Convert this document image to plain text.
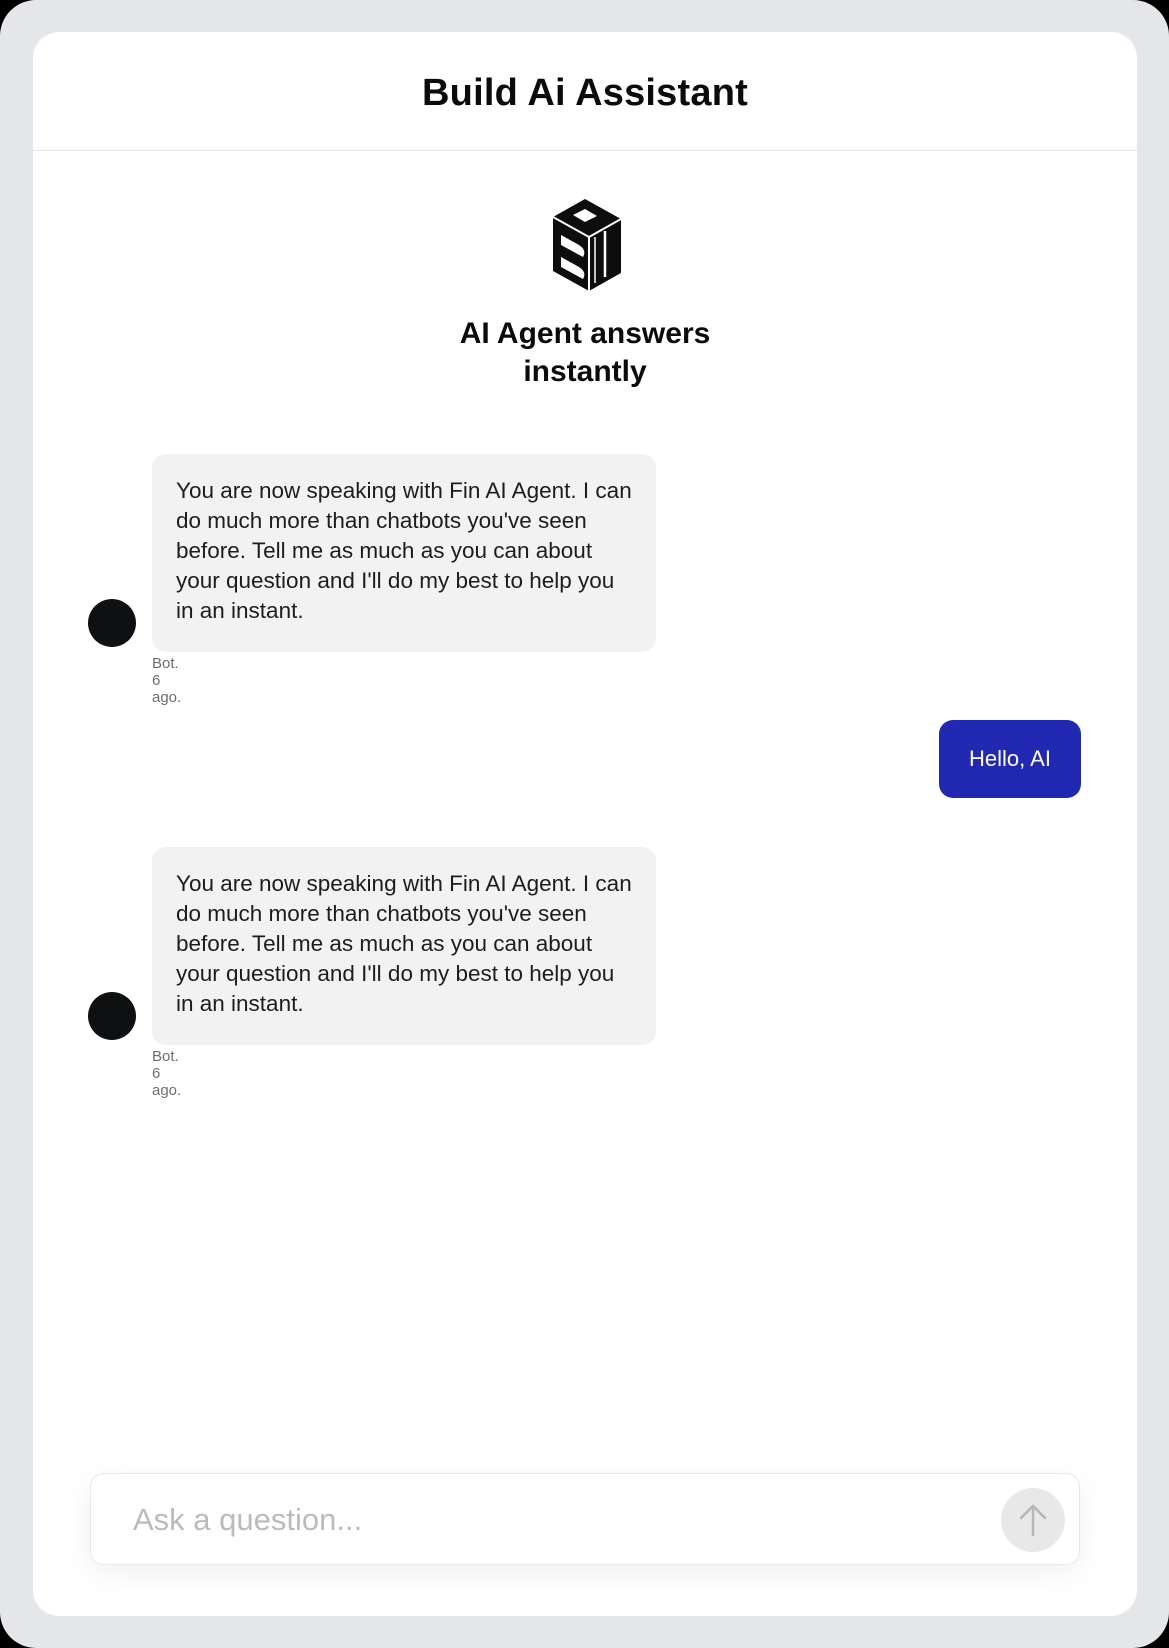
Build Ai Assistant
AI Agent answers instantly
You are now speaking with Fin AI Agent. I can do much more than chatbots you've seen before. Tell me as much as you can about your question and I'll do my best to help you in an instant.
Bot. 6 ago.
Hello, AI
You are now speaking with Fin AI Agent. I can do much more than chatbots you've seen before. Tell me as much as you can about your question and I'll do my best to help you in an instant.
Bot. 6 ago.
Ask a question...
